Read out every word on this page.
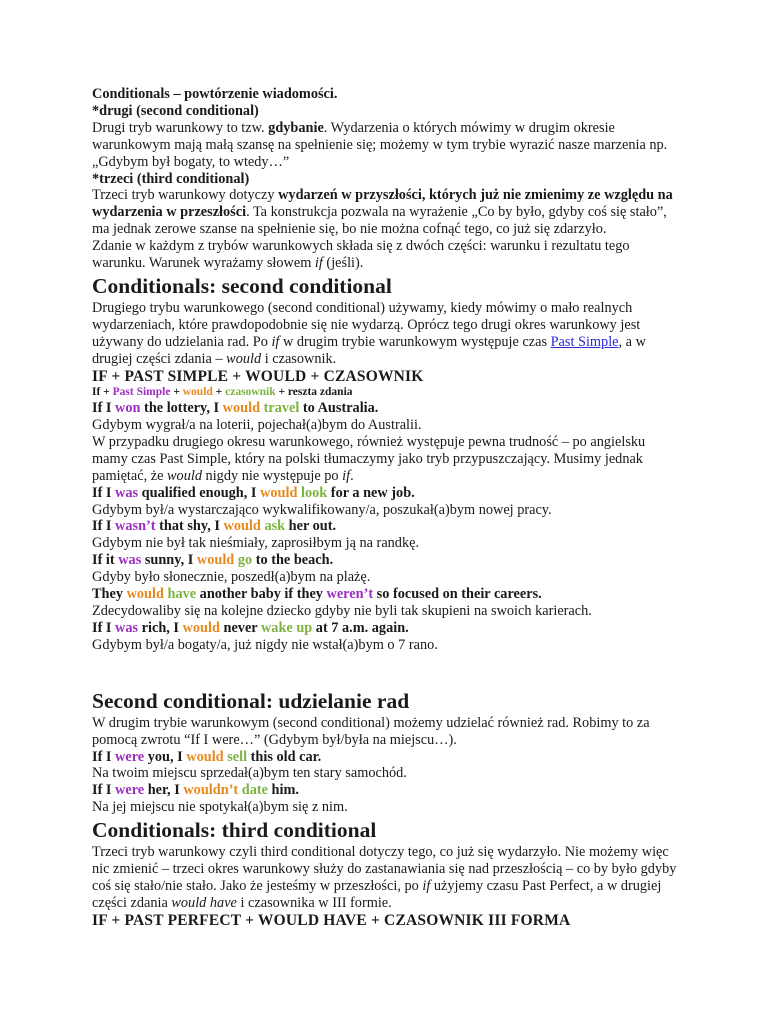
Conditionals – powtórzenie wiadomości.
*drugi (second conditional)
Drugi tryb warunkowy to tzw. gdybanie. Wydarzenia o których mówimy w drugim okresie warunkowym mają małą szansę na spełnienie się; możemy w tym trybie wyrazić nasze marzenia np. „Gdybym był bogaty, to wtedy…”
*trzeci (third conditional)
Trzeci tryb warunkowy dotyczy wydarzeń w przyszłości, których już nie zmienimy ze względu na wydarzenia w przeszłości. Ta konstrukcja pozwala na wyrażenie „Co by było, gdyby coś się stało”, ma jednak zerowe szanse na spełnienie się, bo nie można cofnąć tego, co już się zdarzyło.
Zdanie w każdym z trybów warunkowych składa się z dwóch części: warunku i rezultatu tego warunku. Warunek wyrażamy słowem if (jeśli).
Conditionals: second conditional
Drugiego trybu warunkowego (second conditional) używamy, kiedy mówimy o mało realnych wydarzeniach, które prawdopodobnie się nie wydarzą. Oprócz tego drugi okres warunkowy jest używany do udzielania rad. Po if w drugim trybie warunkowym występuje czas Past Simple, a w drugiej części zdania – would i czasownik.
IF + PAST SIMPLE + WOULD + CZASOWNIK
If + Past Simple + would + czasownik + reszta zdania
If I won the lottery, I would travel to Australia.
Gdybym wygrał/a na loterii, pojechał(a)bym do Australii.
W przypadku drugiego okresu warunkowego, również występuje pewna trudność – po angielsku mamy czas Past Simple, który na polski tłumaczymy jako tryb przypuszczający. Musimy jednak pamiętać, że would nigdy nie występuje po if.
If I was qualified enough, I would look for a new job.
Gdybym był/a wystarczająco wykwalifikowany/a, poszukał(a)bym nowej pracy.
If I wasn’t that shy, I would ask her out.
Gdybym nie był tak nieśmiały, zaprosiłbym ją na randkę.
If it was sunny, I would go to the beach.
Gdyby było słonecznie, poszedł(a)bym na plażę.
They would have another baby if they weren’t so focused on their careers.
Zdecydowaliby się na kolejne dziecko gdyby nie byli tak skupieni na swoich karierach.
If I was rich, I would never wake up at 7 a.m. again.
Gdybym był/a bogaty/a, już nigdy nie wstał(a)bym o 7 rano.
Second conditional: udzielanie rad
W drugim trybie warunkowym (second conditional) możemy udzielać również rad. Robimy to za pomocą zwrotu “If I were…” (Gdybym był/była na miejscu…).
If I were you, I would sell this old car.
Na twoim miejscu sprzedał(a)bym ten stary samochód.
If I were her, I wouldn’t date him.
Na jej miejscu nie spotykał(a)bym się z nim.
Conditionals: third conditional
Trzeci tryb warunkowy czyli third conditional dotyczy tego, co już się wydarzyło. Nie możemy więc nic zmienić – trzeci okres warunkowy służy do zastanawiania się nad przeszłością – co by było gdyby coś się stało/nie stało. Jako że jesteśmy w przeszłości, po if użyjemy czasu Past Perfect, a w drugiej części zdania would have i czasownika w III formie.
IF + PAST PERFECT + WOULD HAVE + CZASOWNIK III FORMA
